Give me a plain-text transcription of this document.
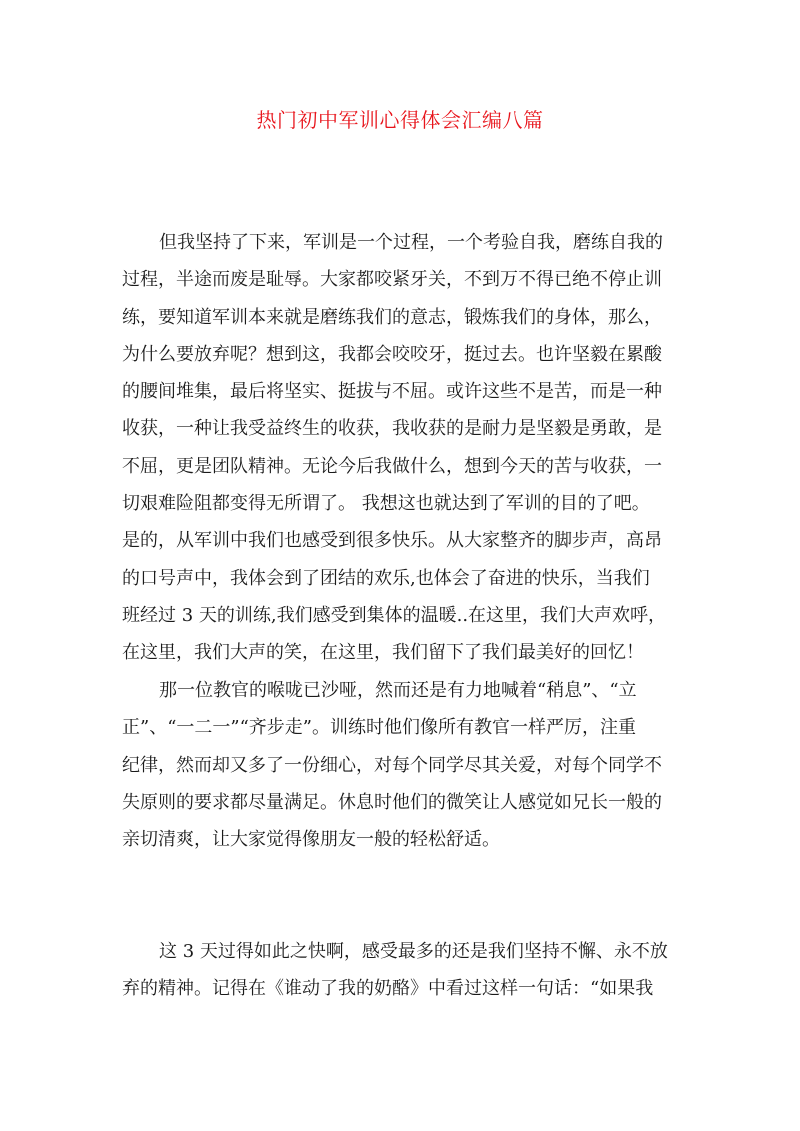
热门初中军训心得体会汇编八篇
但我坚持了下来，军训是一个过程，一个考验自我，磨练自我的
过程，半途而废是耻辱。大家都咬紧牙关，不到万不得已绝不停止训
练，要知道军训本来就是磨练我们的意志，锻炼我们的身体，那么，
为什么要放弃呢？想到这，我都会咬咬牙，挺过去。也许坚毅在累酸
的腰间堆集，最后将坚实、挺拔与不屈。或许这些不是苦，而是一种
收获，一种让我受益终生的收获，我收获的是耐力是坚毅是勇敢，是
不屈，更是团队精神。无论今后我做什么，想到今天的苦与收获，一
切艰难险阻都变得无所谓了。 我想这也就达到了军训的目的了吧。
是的，从军训中我们也感受到很多快乐。从大家整齐的脚步声，高昂
的口号声中，我体会到了团结的欢乐,也体会了奋进的快乐，当我们
班经过 3 天的训练,我们感受到集体的温暖..在这里，我们大声欢呼，
在这里，我们大声的笑，在这里，我们留下了我们最美好的回忆！
那一位教官的喉咙已沙哑，然而还是有力地喊着“稍息”、“立
正”、“一二一”“齐步走”。训练时他们像所有教官一样严厉，注重
纪律，然而却又多了一份细心，对每个同学尽其关爱，对每个同学不
失原则的要求都尽量满足。休息时他们的微笑让人感觉如兄长一般的
亲切清爽，让大家觉得像朋友一般的轻松舒适。
这 3 天过得如此之快啊，感受最多的还是我们坚持不懈、永不放
弃的精神。记得在《谁动了我的奶酪》中看过这样一句话：“如果我
